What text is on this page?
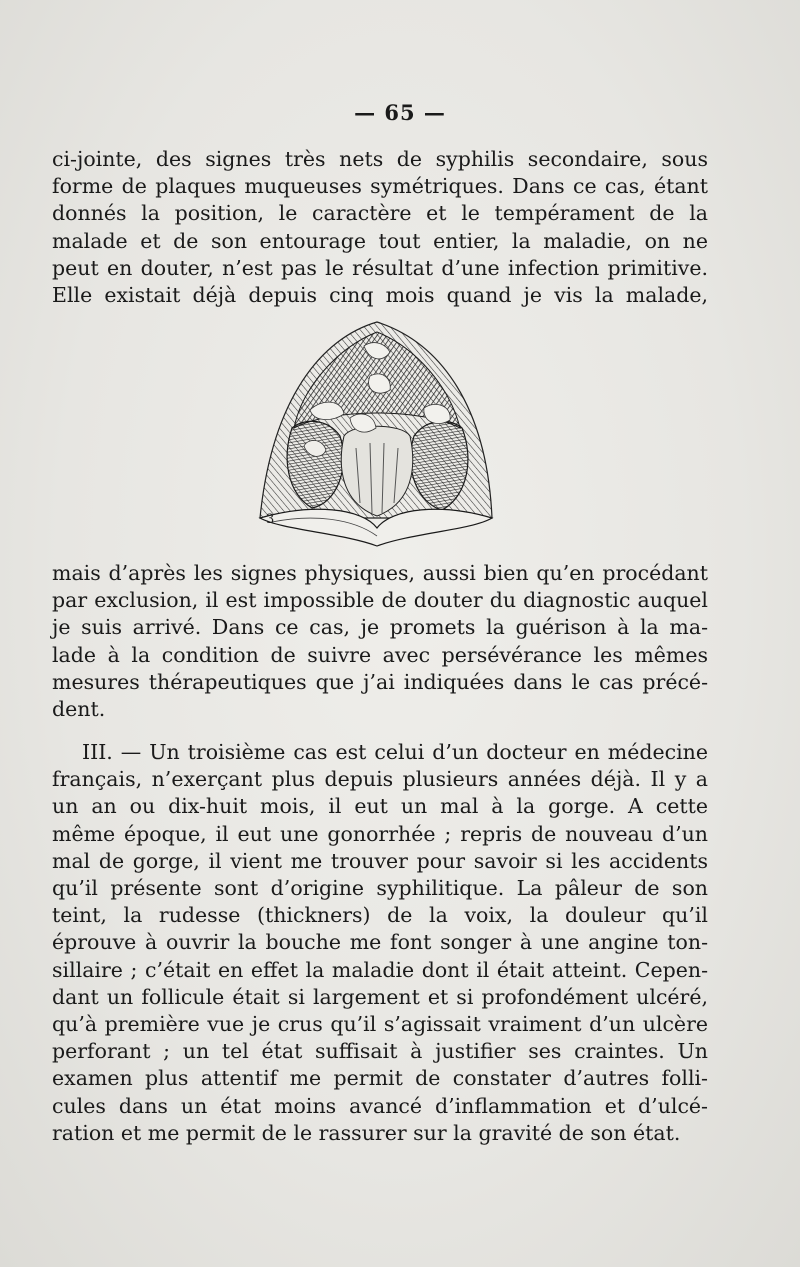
— 65 —

ci-jointe, des signes très nets de syphilis secondaire, sous
forme de plaques muqueuses symétriques. Dans ce cas, étant
donnés la position, le caractère et le tempérament de la
malade et de son entourage tout entier, la maladie, on ne
peut en douter, n’est pas le résultat d’une infection primitive.
Elle existait déjà depuis cinq mois quand je vis la malade,

3

mais d’après les signes physiques, aussi bien qu’en procédant
par exclusion, il est impossible de douter du diagnostic auquel
je suis arrivé. Dans ce cas, je promets la guérison à la ma-
lade à la condition de suivre avec persévérance les mêmes
mesures thérapeutiques que j’ai indiquées dans le cas précé-
dent.

III. — Un troisième cas est celui d’un docteur en médecine
français, n’exerçant plus depuis plusieurs années déjà. Il y a
un an ou dix-huit mois, il eut un mal à la gorge. A cette
même époque, il eut une gonorrhée ; repris de nouveau d’un
mal de gorge, il vient me trouver pour savoir si les accidents
qu’il présente sont d’origine syphilitique. La pâleur de son
teint, la rudesse (thickners) de la voix, la douleur qu’il
éprouve à ouvrir la bouche me font songer à une angine ton-
sillaire ; c’était en effet la maladie dont il était atteint. Cepen-
dant un follicule était si largement et si profondément ulcéré,
qu’à première vue je crus qu’il s’agissait vraiment d’un ulcère
perforant ; un tel état suffisait à justifier ses craintes. Un
examen plus attentif me permit de constater d’autres folli-
cules dans un état moins avancé d’inflammation et d’ulcé-
ration et me permit de le rassurer sur la gravité de son état.
